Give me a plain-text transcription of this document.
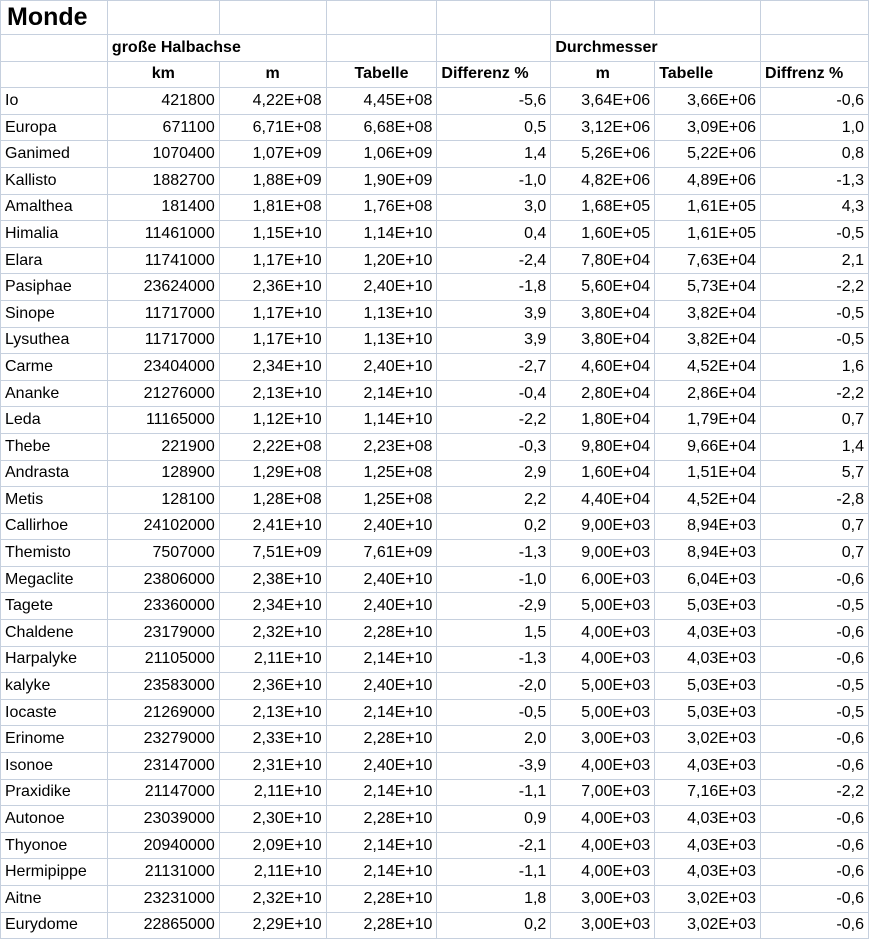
Monde							
	große Halbachse				Durchmesser		
	km	m	Tabelle	Differenz %	m	Tabelle	Diffrenz %
Io	421800	4,22E+08	4,45E+08	-5,6	3,64E+06	3,66E+06	-0,6
Europa	671100	6,71E+08	6,68E+08	0,5	3,12E+06	3,09E+06	1,0
Ganimed	1070400	1,07E+09	1,06E+09	1,4	5,26E+06	5,22E+06	0,8
Kallisto	1882700	1,88E+09	1,90E+09	-1,0	4,82E+06	4,89E+06	-1,3
Amalthea	181400	1,81E+08	1,76E+08	3,0	1,68E+05	1,61E+05	4,3
Himalia	11461000	1,15E+10	1,14E+10	0,4	1,60E+05	1,61E+05	-0,5
Elara	11741000	1,17E+10	1,20E+10	-2,4	7,80E+04	7,63E+04	2,1
Pasiphae	23624000	2,36E+10	2,40E+10	-1,8	5,60E+04	5,73E+04	-2,2
Sinope	11717000	1,17E+10	1,13E+10	3,9	3,80E+04	3,82E+04	-0,5
Lysuthea	11717000	1,17E+10	1,13E+10	3,9	3,80E+04	3,82E+04	-0,5
Carme	23404000	2,34E+10	2,40E+10	-2,7	4,60E+04	4,52E+04	1,6
Ananke	21276000	2,13E+10	2,14E+10	-0,4	2,80E+04	2,86E+04	-2,2
Leda	11165000	1,12E+10	1,14E+10	-2,2	1,80E+04	1,79E+04	0,7
Thebe	221900	2,22E+08	2,23E+08	-0,3	9,80E+04	9,66E+04	1,4
Andrasta	128900	1,29E+08	1,25E+08	2,9	1,60E+04	1,51E+04	5,7
Metis	128100	1,28E+08	1,25E+08	2,2	4,40E+04	4,52E+04	-2,8
Callirhoe	24102000	2,41E+10	2,40E+10	0,2	9,00E+03	8,94E+03	0,7
Themisto	7507000	7,51E+09	7,61E+09	-1,3	9,00E+03	8,94E+03	0,7
Megaclite	23806000	2,38E+10	2,40E+10	-1,0	6,00E+03	6,04E+03	-0,6
Tagete	23360000	2,34E+10	2,40E+10	-2,9	5,00E+03	5,03E+03	-0,5
Chaldene	23179000	2,32E+10	2,28E+10	1,5	4,00E+03	4,03E+03	-0,6
Harpalyke	21105000	2,11E+10	2,14E+10	-1,3	4,00E+03	4,03E+03	-0,6
kalyke	23583000	2,36E+10	2,40E+10	-2,0	5,00E+03	5,03E+03	-0,5
Iocaste	21269000	2,13E+10	2,14E+10	-0,5	5,00E+03	5,03E+03	-0,5
Erinome	23279000	2,33E+10	2,28E+10	2,0	3,00E+03	3,02E+03	-0,6
Isonoe	23147000	2,31E+10	2,40E+10	-3,9	4,00E+03	4,03E+03	-0,6
Praxidike	21147000	2,11E+10	2,14E+10	-1,1	7,00E+03	7,16E+03	-2,2
Autonoe	23039000	2,30E+10	2,28E+10	0,9	4,00E+03	4,03E+03	-0,6
Thyonoe	20940000	2,09E+10	2,14E+10	-2,1	4,00E+03	4,03E+03	-0,6
Hermipippe	21131000	2,11E+10	2,14E+10	-1,1	4,00E+03	4,03E+03	-0,6
Aitne	23231000	2,32E+10	2,28E+10	1,8	3,00E+03	3,02E+03	-0,6
Eurydome	22865000	2,29E+10	2,28E+10	0,2	3,00E+03	3,02E+03	-0,6
